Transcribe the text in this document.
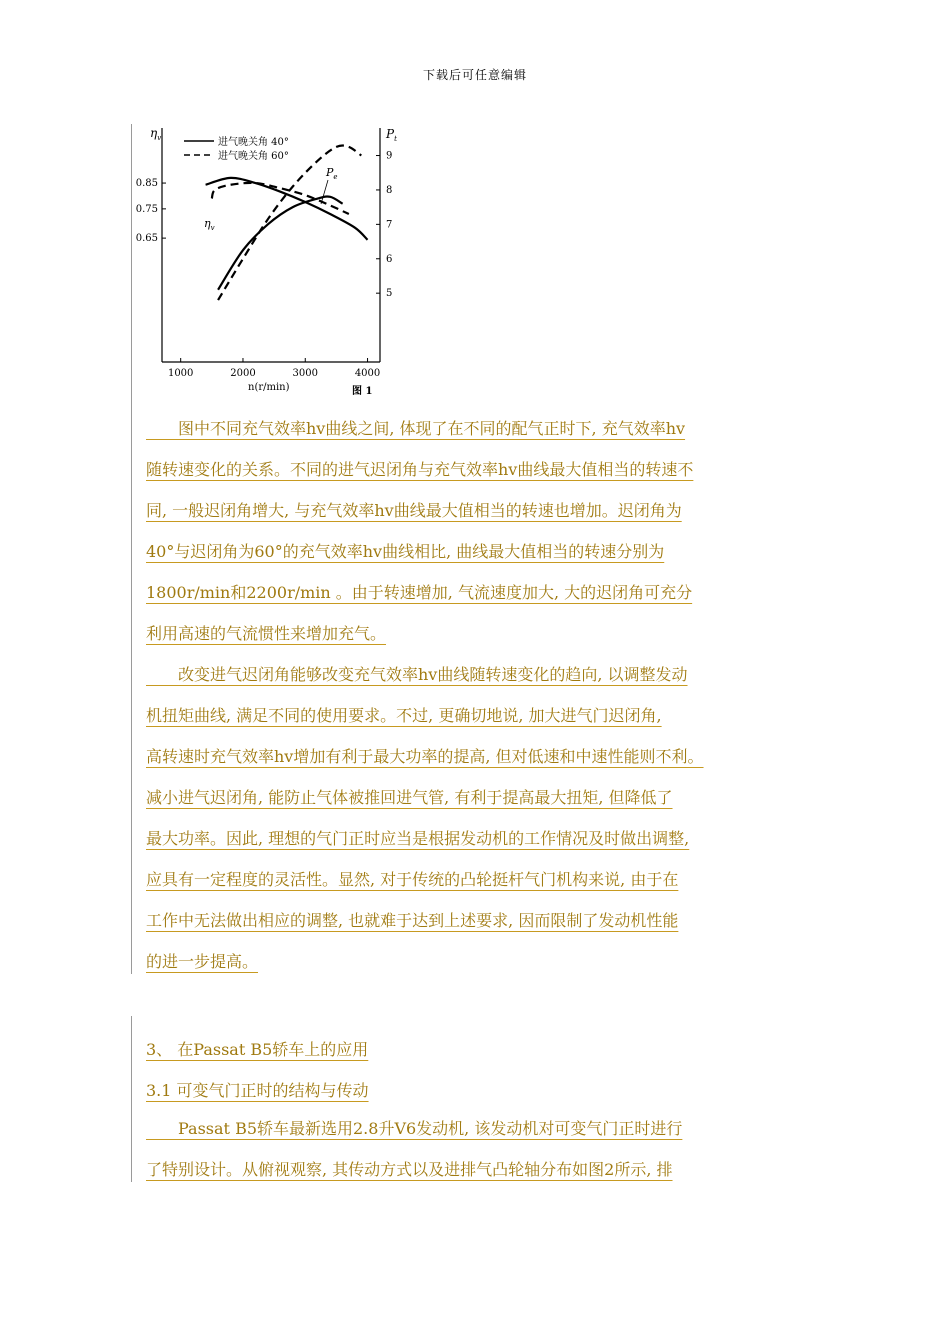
下载后可任意编辑
$\eta_v$	$P_t$
进气晚关角 40°
进气晚关角 60°
1000	2000	3000	4000
0.85
0.75
0.65
9
8
7
6
5
$P_e$
$\eta_v$
n(r/min)	图 1
　　图中不同充气效率hv曲线之间, 体现了在不同的配气正时下, 充气效率hv
随转速变化的关系。不同的进气迟闭角与充气效率hv曲线最大值相当的转速不
同, 一般迟闭角增大, 与充气效率hv曲线最大值相当的转速也增加。迟闭角为
40°与迟闭角为60°的充气效率hv曲线相比, 曲线最大值相当的转速分别为
1800r/min和2200r/min 。由于转速增加, 气流速度加大, 大的迟闭角可充分
利用高速的气流惯性来增加充气。
　　改变进气迟闭角能够改变充气效率hv曲线随转速变化的趋向, 以调整发动
机扭矩曲线, 满足不同的使用要求。不过, 更确切地说, 加大进气门迟闭角,
高转速时充气效率hv增加有利于最大功率的提高, 但对低速和中速性能则不利。
减小进气迟闭角, 能防止气体被推回进气管, 有利于提高最大扭矩, 但降低了
最大功率。因此, 理想的气门正时应当是根据发动机的工作情况及时做出调整,
应具有一定程度的灵活性。显然, 对于传统的凸轮挺杆气门机构来说, 由于在
工作中无法做出相应的调整, 也就难于达到上述要求, 因而限制了发动机性能
的进一步提高。
3、 在Passat B5轿车上的应用
3.1 可变气门正时的结构与传动
　　Passat B5轿车最新选用2.8升V6发动机, 该发动机对可变气门正时进行
了特别设计。从俯视观察, 其传动方式以及进排气凸轮轴分布如图2所示, 排
